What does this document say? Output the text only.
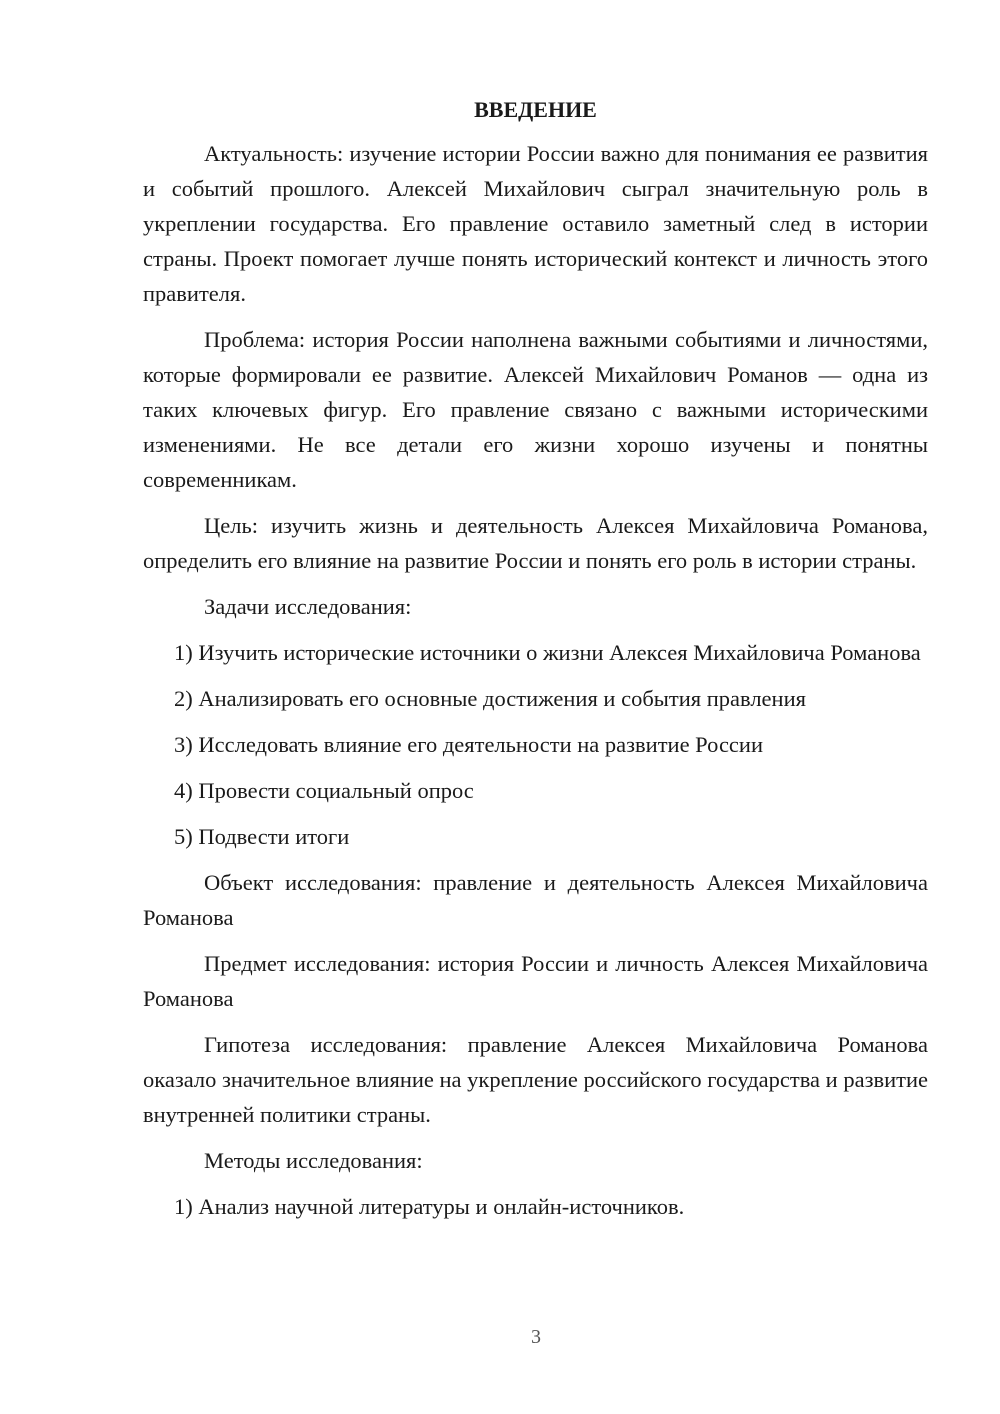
ВВЕДЕНИЕ

Актуальность: изучение истории России важно для понимания ее развития и событий прошлого. Алексей Михайлович сыграл значительную роль в укреплении государства. Его правление оставило заметный след в истории страны. Проект помогает лучше понять исторический контекст и личность этого правителя.

Проблема: история России наполнена важными событиями и личностями, которые формировали ее развитие. Алексей Михайлович Романов — одна из таких ключевых фигур. Его правление связано с важными историческими изменениями. Не все детали его жизни хорошо изучены и понятны современникам.

Цель: изучить жизнь и деятельность Алексея Михайловича Романова, определить его влияние на развитие России и понять его роль в истории страны.

Задачи исследования:

1) Изучить исторические источники о жизни Алексея Михайловича Романова

2) Анализировать его основные достижения и события правления

3) Исследовать влияние его деятельности на развитие России

4) Провести социальный опрос

5) Подвести итоги

Объект исследования: правление и деятельность Алексея Михайловича Романова

Предмет исследования: история России и личность Алексея Михайловича Романова

Гипотеза исследования: правление Алексея Михайловича Романова оказало значительное влияние на укрепление российского государства и развитие внутренней политики страны.

Методы исследования:

1) Анализ научной литературы и онлайн-источников.

3
